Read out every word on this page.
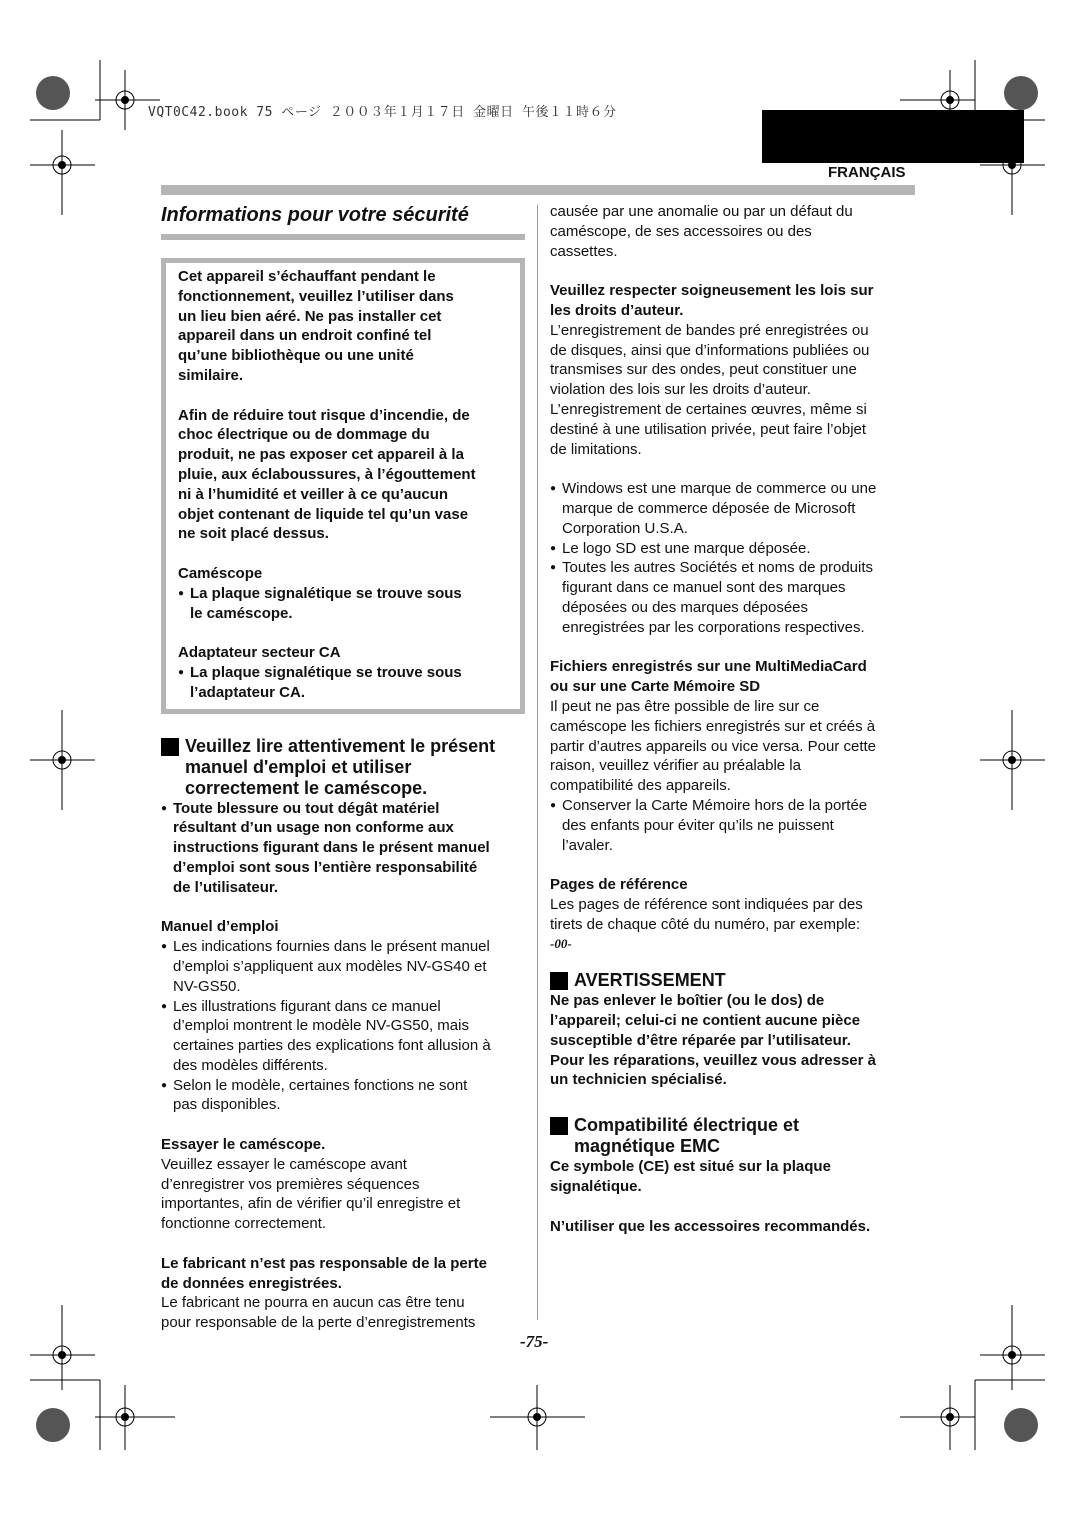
VQT0C42.book 75 ページ ２００３年１月１７日 金曜日 午後１１時６分
FRANÇAIS
Informations pour votre sécurité

Cet appareil s’échauffant pendant le

fonctionnement, veuillez l’utiliser dans

un lieu bien aéré. Ne pas installer cet

appareil dans un endroit confiné tel

qu’une bibliothèque ou une unité

similaire.

Afin de réduire tout risque d’incendie, de

choc électrique ou de dommage du

produit, ne pas exposer cet appareil à la

pluie, aux éclaboussures, à l’égouttement

ni à l’humidité et veiller à ce qu’aucun

objet contenant de liquide tel qu’un vase

ne soit placé dessus.

Caméscope

● La plaque signalétique se trouve sous
le caméscope.

Adaptateur secteur CA

● La plaque signalétique se trouve sous
l’adaptateur CA.
Veuillez lire attentivement le présent
manuel d'emploi et utiliser
correctement le caméscope.
● Toute blessure ou tout dégât matériel
résultant d’un usage non conforme aux
instructions figurant dans le présent manuel
d’emploi sont sous l’entière responsabilité
de l’utilisateur.

Manuel d’emploi

● Les indications fournies dans le présent manuel
d’emploi s’appliquent aux modèles NV-GS40 et
NV-GS50.
● Les illustrations figurant dans ce manuel
d’emploi montrent le modèle NV-GS50, mais
certaines parties des explications font allusion à
des modèles différents.
● Selon le modèle, certaines fonctions ne sont
pas disponibles.

Essayer le caméscope.

Veuillez essayer le caméscope avant

d’enregistrer vos premières séquences

importantes, afin de vérifier qu’il enregistre et

fonctionne correctement.

Le fabricant n’est pas responsable de la perte

de données enregistrées.

Le fabricant ne pourra en aucun cas être tenu

pour responsable de la perte d’enregistrements

causée par une anomalie ou par un défaut du

caméscope, de ses accessoires ou des

cassettes.

Veuillez respecter soigneusement les lois sur

les droits d’auteur.

L’enregistrement de bandes pré enregistrées ou

de disques, ainsi que d’informations publiées ou

transmises sur des ondes, peut constituer une

violation des lois sur les droits d’auteur.

L’enregistrement de certaines œuvres, même si

destiné à une utilisation privée, peut faire l’objet

de limitations.

● Windows est une marque de commerce ou une
marque de commerce déposée de Microsoft
Corporation U.S.A.
● Le logo SD est une marque déposée.
● Toutes les autres Sociétés et noms de produits
figurant dans ce manuel sont des marques
déposées ou des marques déposées
enregistrées par les corporations respectives.

Fichiers enregistrés sur une MultiMediaCard

ou sur une Carte Mémoire SD

Il peut ne pas être possible de lire sur ce

caméscope les fichiers enregistrés sur et créés à

partir d’autres appareils ou vice versa. Pour cette

raison, veuillez vérifier au préalable la

compatibilité des appareils.

● Conserver la Carte Mémoire hors de la portée
des enfants pour éviter qu’ils ne puissent
l’avaler.

Pages de référence

Les pages de référence sont indiquées par des

tirets de chaque côté du numéro, par exemple:

-00-

AVERTISSEMENT

Ne pas enlever le boîtier (ou le dos) de

l’appareil; celui-ci ne contient aucune pièce

susceptible d’être réparée par l’utilisateur.

Pour les réparations, veuillez vous adresser à

un technicien spécialisé.

Compatibilité électrique et
magnétique EMC

Ce symbole (CE) est situé sur la plaque

signalétique.

N’utiliser que les accessoires recommandés.

-75-
